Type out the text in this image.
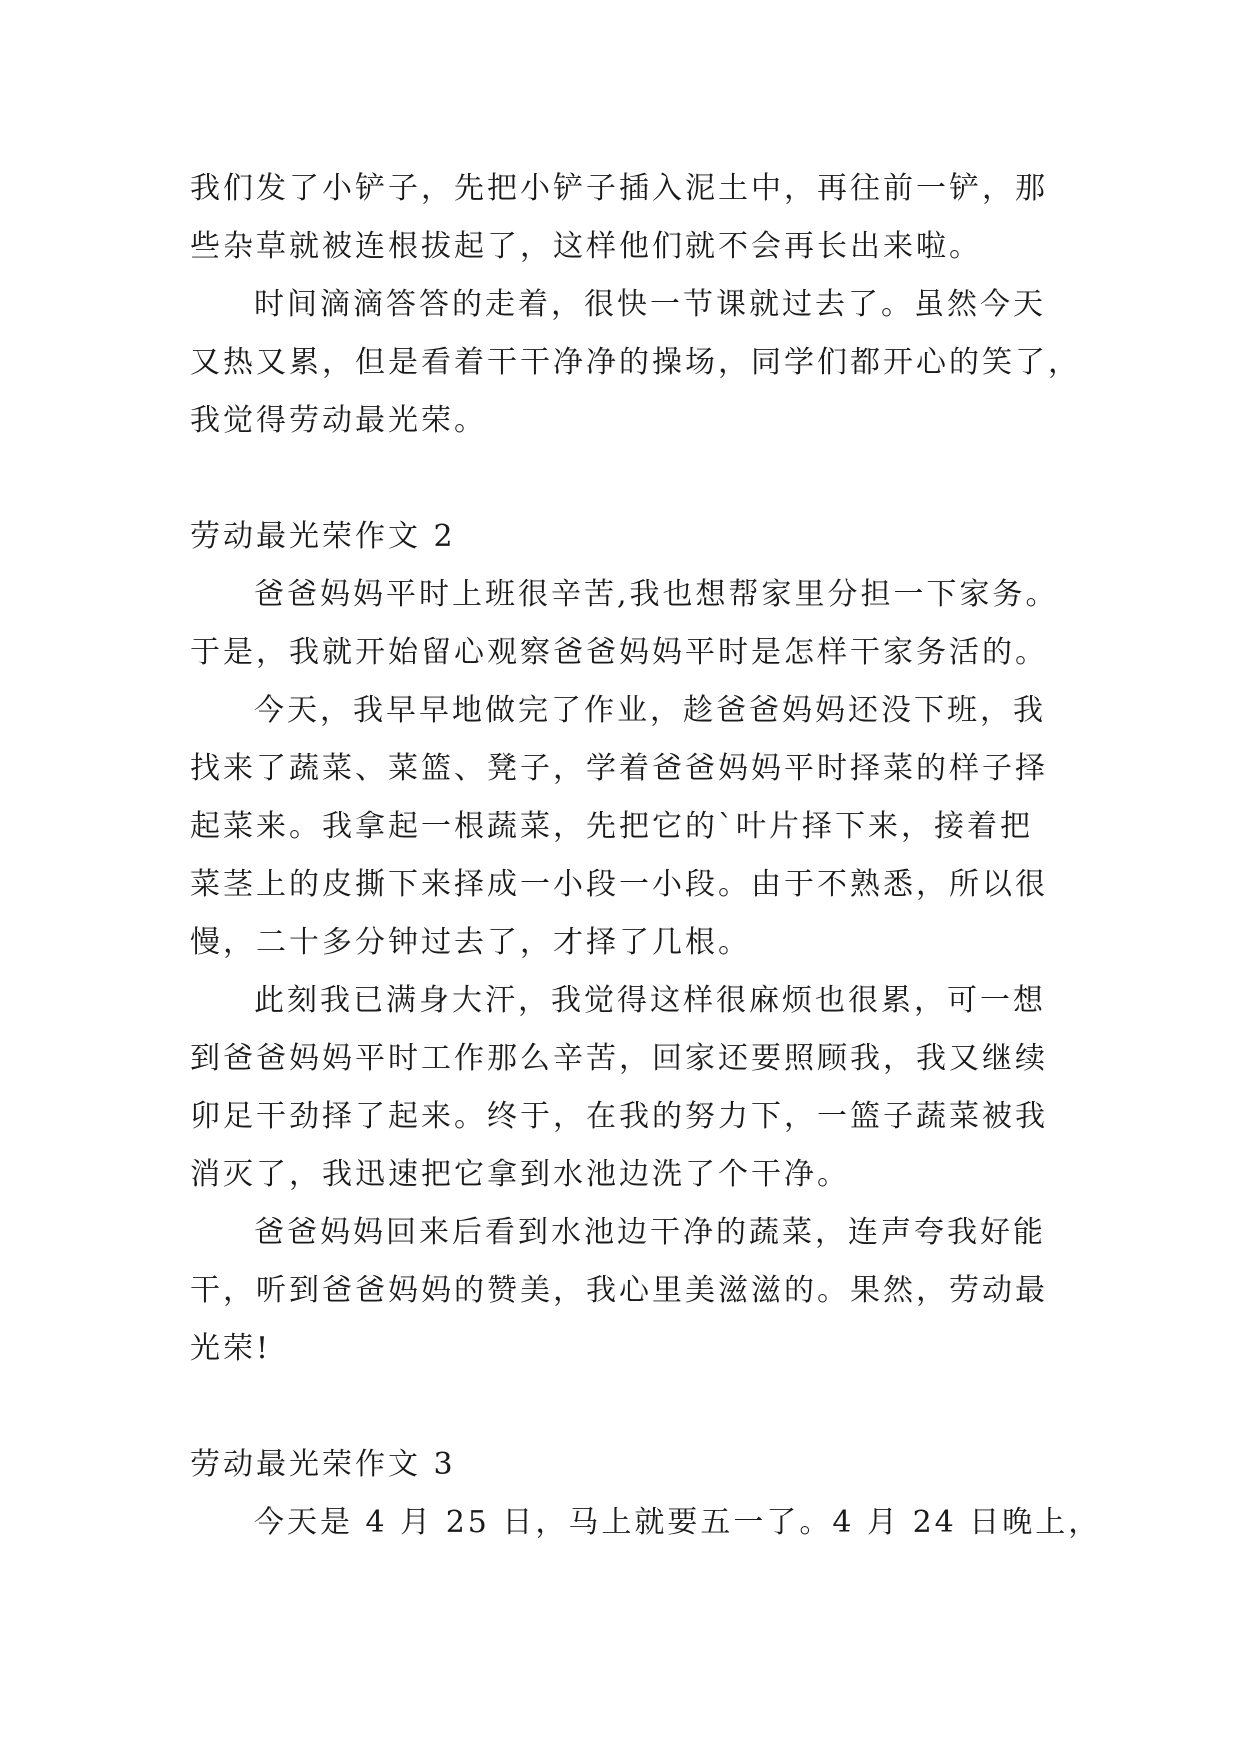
我们发了小铲子，先把小铲子插入泥土中，再往前一铲，那
些杂草就被连根拔起了，这样他们就不会再长出来啦。
时间滴滴答答的走着，很快一节课就过去了。虽然今天
又热又累，但是看着干干净净的操场，同学们都开心的笑了，
我觉得劳动最光荣。
劳动最光荣作文 2
爸爸妈妈平时上班很辛苦,我也想帮家里分担一下家务。
于是，我就开始留心观察爸爸妈妈平时是怎样干家务活的。
今天，我早早地做完了作业，趁爸爸妈妈还没下班，我
找来了蔬菜、菜篮、凳子，学着爸爸妈妈平时择菜的样子择
起菜来。我拿起一根蔬菜，先把它的`叶片择下来，接着把
菜茎上的皮撕下来择成一小段一小段。由于不熟悉，所以很
慢，二十多分钟过去了，才择了几根。
此刻我已满身大汗，我觉得这样很麻烦也很累，可一想
到爸爸妈妈平时工作那么辛苦，回家还要照顾我，我又继续
卯足干劲择了起来。终于，在我的努力下，一篮子蔬菜被我
消灭了，我迅速把它拿到水池边洗了个干净。
爸爸妈妈回来后看到水池边干净的蔬菜，连声夸我好能
干，听到爸爸妈妈的赞美，我心里美滋滋的。果然，劳动最
光荣!
劳动最光荣作文 3
今天是 4 月 25 日，马上就要五一了。4 月 24 日晚上，
